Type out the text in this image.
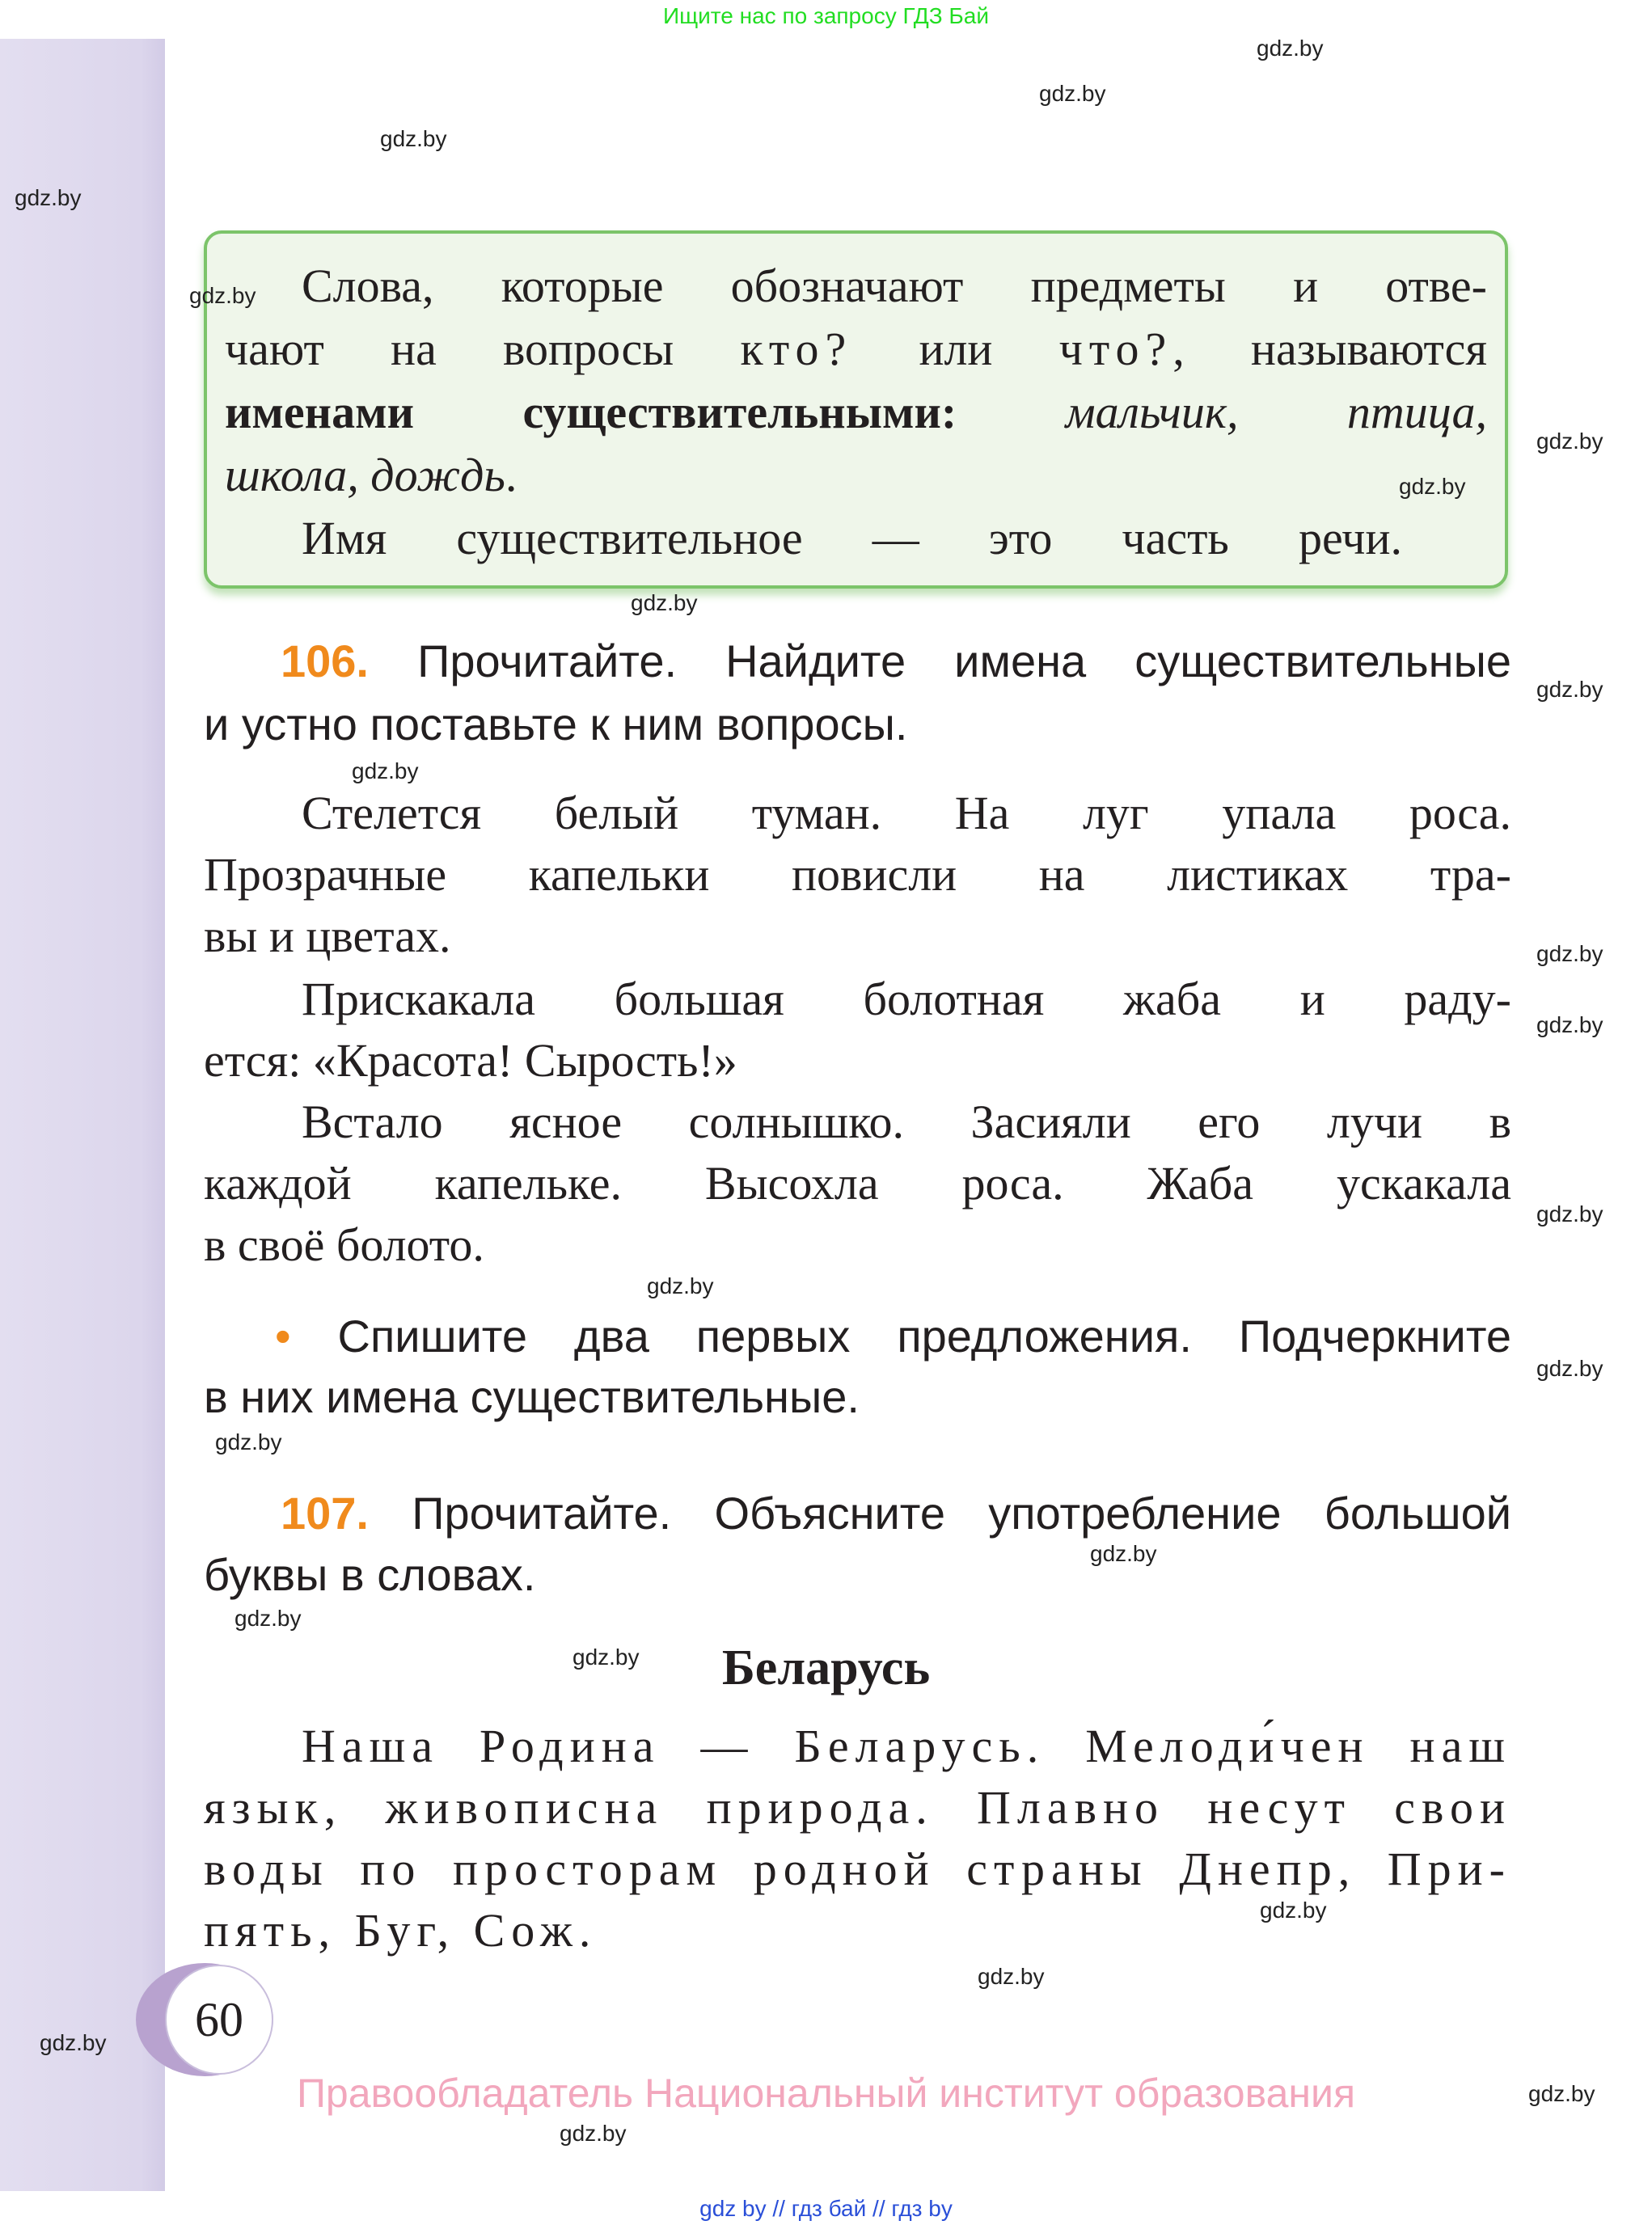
Ищите нас по запросу ГДЗ Бай
Слова, которые обозначают предметы и отве-
чают на вопросы кто? или что?, называются
именами существительными: мальчик, птица,
школа, дождь.
Имя существительное — это часть речи.
106. Прочитайте. Найдите имена существительные
и устно поставьте к ним вопросы.
Стелется белый туман. На луг упала роса.
Прозрачные капельки повисли на листиках тра-
вы и цветах.
Прискакала большая болотная жаба и раду-
ется: «Красота! Сырость!»
Встало ясное солнышко. Засияли его лучи в
каждой капельке. Высохла роса. Жаба ускакала
в своё болото.
• Спишите два первых предложения. Подчеркните
в них имена существительные.
107. Прочитайте. Объясните употребление большой
буквы в словах.
Беларусь
Наша Родина — Беларусь. Мелоди́чен наш
язык, живописна природа. Плавно несут свои
воды по просторам родной страны Днепр, При-
пять, Буг, Сож.
60
Правообладатель Национальный институт образования
gdz by // гдз бай // гдз by
gdz.by
gdz.by
gdz.by
gdz.by
gdz.by
gdz.by
gdz.by
gdz.by
gdz.by
gdz.by
gdz.by
gdz.by
gdz.by
gdz.by
gdz.by
gdz.by
gdz.by
gdz.by
gdz.by
gdz.by
gdz.by
gdz.by
gdz.by
gdz.by
